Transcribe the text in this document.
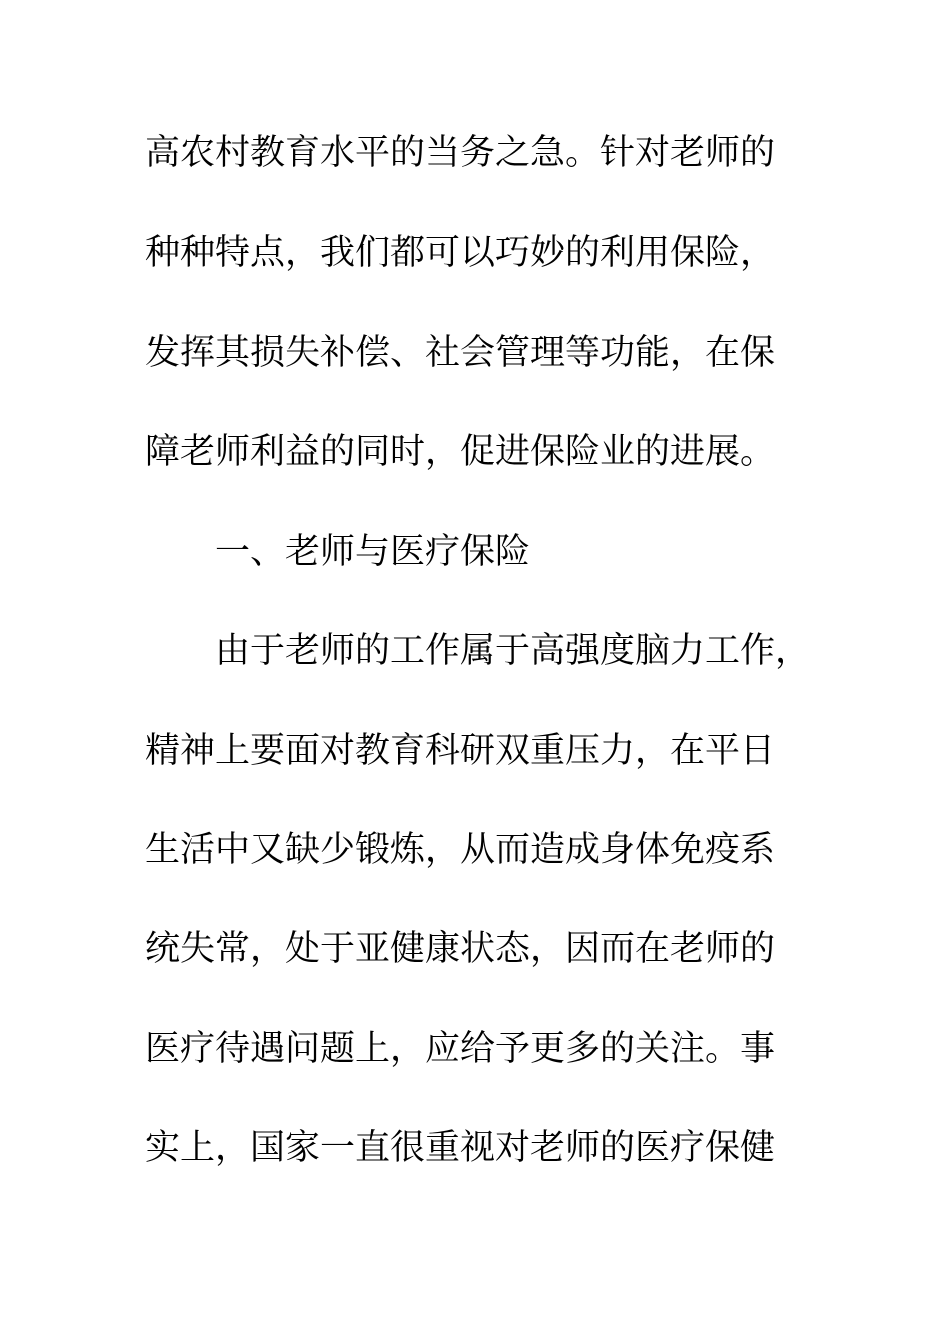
高农村教育水平的当务之急。针对老师的
种种特点，我们都可以巧妙的利用保险，
发挥其损失补偿、社会管理等功能，在保
障老师利益的同时，促进保险业的进展。
一、老师与医疗保险
由于老师的工作属于高强度脑力工作，
精神上要面对教育科研双重压力，在平日
生活中又缺少锻炼，从而造成身体免疫系
统失常，处于亚健康状态，因而在老师的
医疗待遇问题上，应给予更多的关注。事
实上，国家一直很重视对老师的医疗保健
